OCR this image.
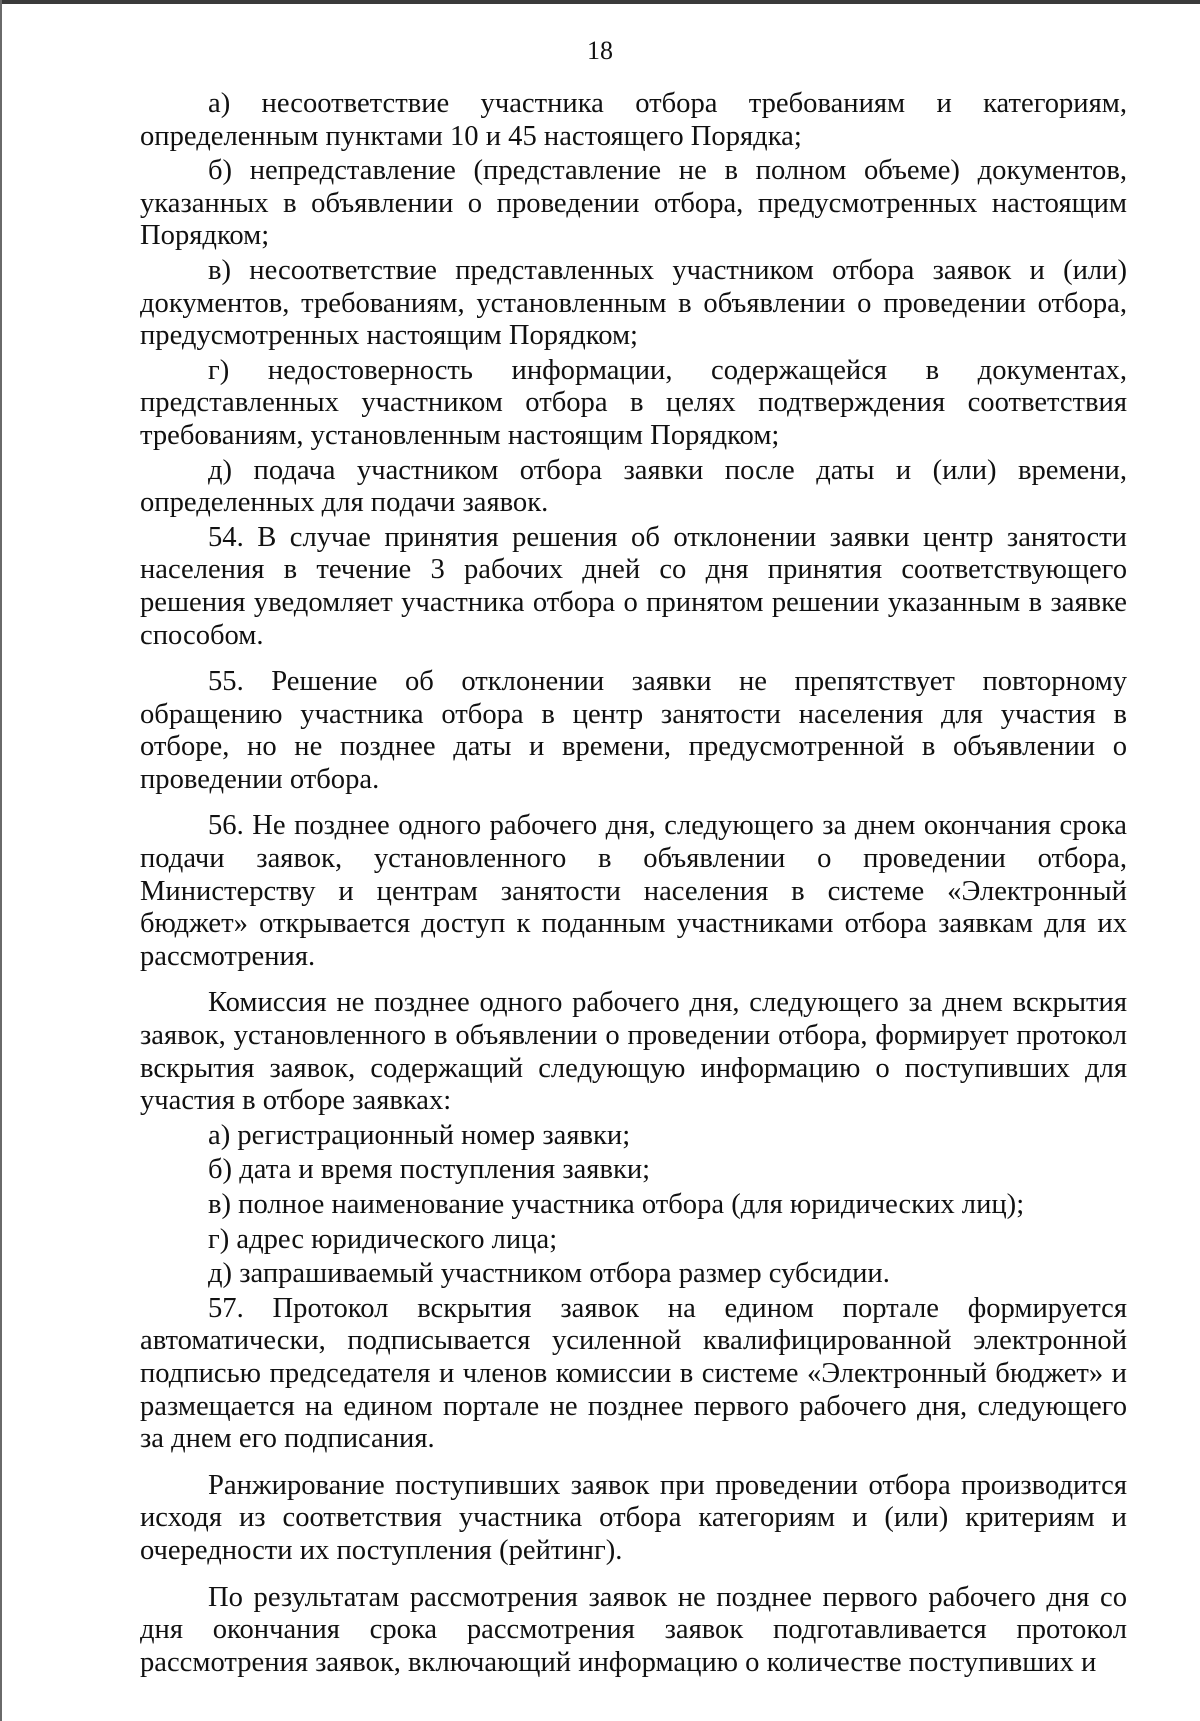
18

а) несоответствие участника отбора требованиям и категориям, определенным пунктами 10 и 45 настоящего Порядка;

б) непредставление (представление не в полном объеме) документов, указанных в объявлении о проведении отбора, предусмотренных настоящим Порядком;

в) несоответствие представленных участником отбора заявок и (или) документов, требованиям, установленным в объявлении о проведении отбора, предусмотренных настоящим Порядком;

г) недостоверность информации, содержащейся в документах, представленных участником отбора в целях подтверждения соответствия требованиям, установленным настоящим Порядком;

д) подача участником отбора заявки после даты и (или) времени, определенных для подачи заявок.

54. В случае принятия решения об отклонении заявки центр занятости населения в течение 3 рабочих дней со дня принятия соответствующего решения уведомляет участника отбора о принятом решении указанным в заявке способом.

55. Решение об отклонении заявки не препятствует повторному обращению участника отбора в центр занятости населения для участия в отборе, но не позднее даты и времени, предусмотренной в объявлении о проведении отбора.

56. Не позднее одного рабочего дня, следующего за днем окончания срока подачи заявок, установленного в объявлении о проведении отбора, Министерству и центрам занятости населения в системе «Электронный бюджет» открывается доступ к поданным участниками отбора заявкам для их рассмотрения.

Комиссия не позднее одного рабочего дня, следующего за днем вскрытия заявок, установленного в объявлении о проведении отбора, формирует протокол вскрытия заявок, содержащий следующую информацию о поступивших для участия в отборе заявках:

а) регистрационный номер заявки;

б) дата и время поступления заявки;

в) полное наименование участника отбора (для юридических лиц);

г) адрес юридического лица;

д) запрашиваемый участником отбора размер субсидии.

57. Протокол вскрытия заявок на едином портале формируется автоматически, подписывается усиленной квалифицированной электронной подписью председателя и членов комиссии в системе «Электронный бюджет» и размещается на едином портале не позднее первого рабочего дня, следующего за днем его подписания.

Ранжирование поступивших заявок при проведении отбора производится исходя из соответствия участника отбора категориям и (или) критериям и очередности их поступления (рейтинг).

По результатам рассмотрения заявок не позднее первого рабочего дня со дня окончания срока рассмотрения заявок подготавливается протокол рассмотрения заявок, включающий информацию о количестве поступивших и
